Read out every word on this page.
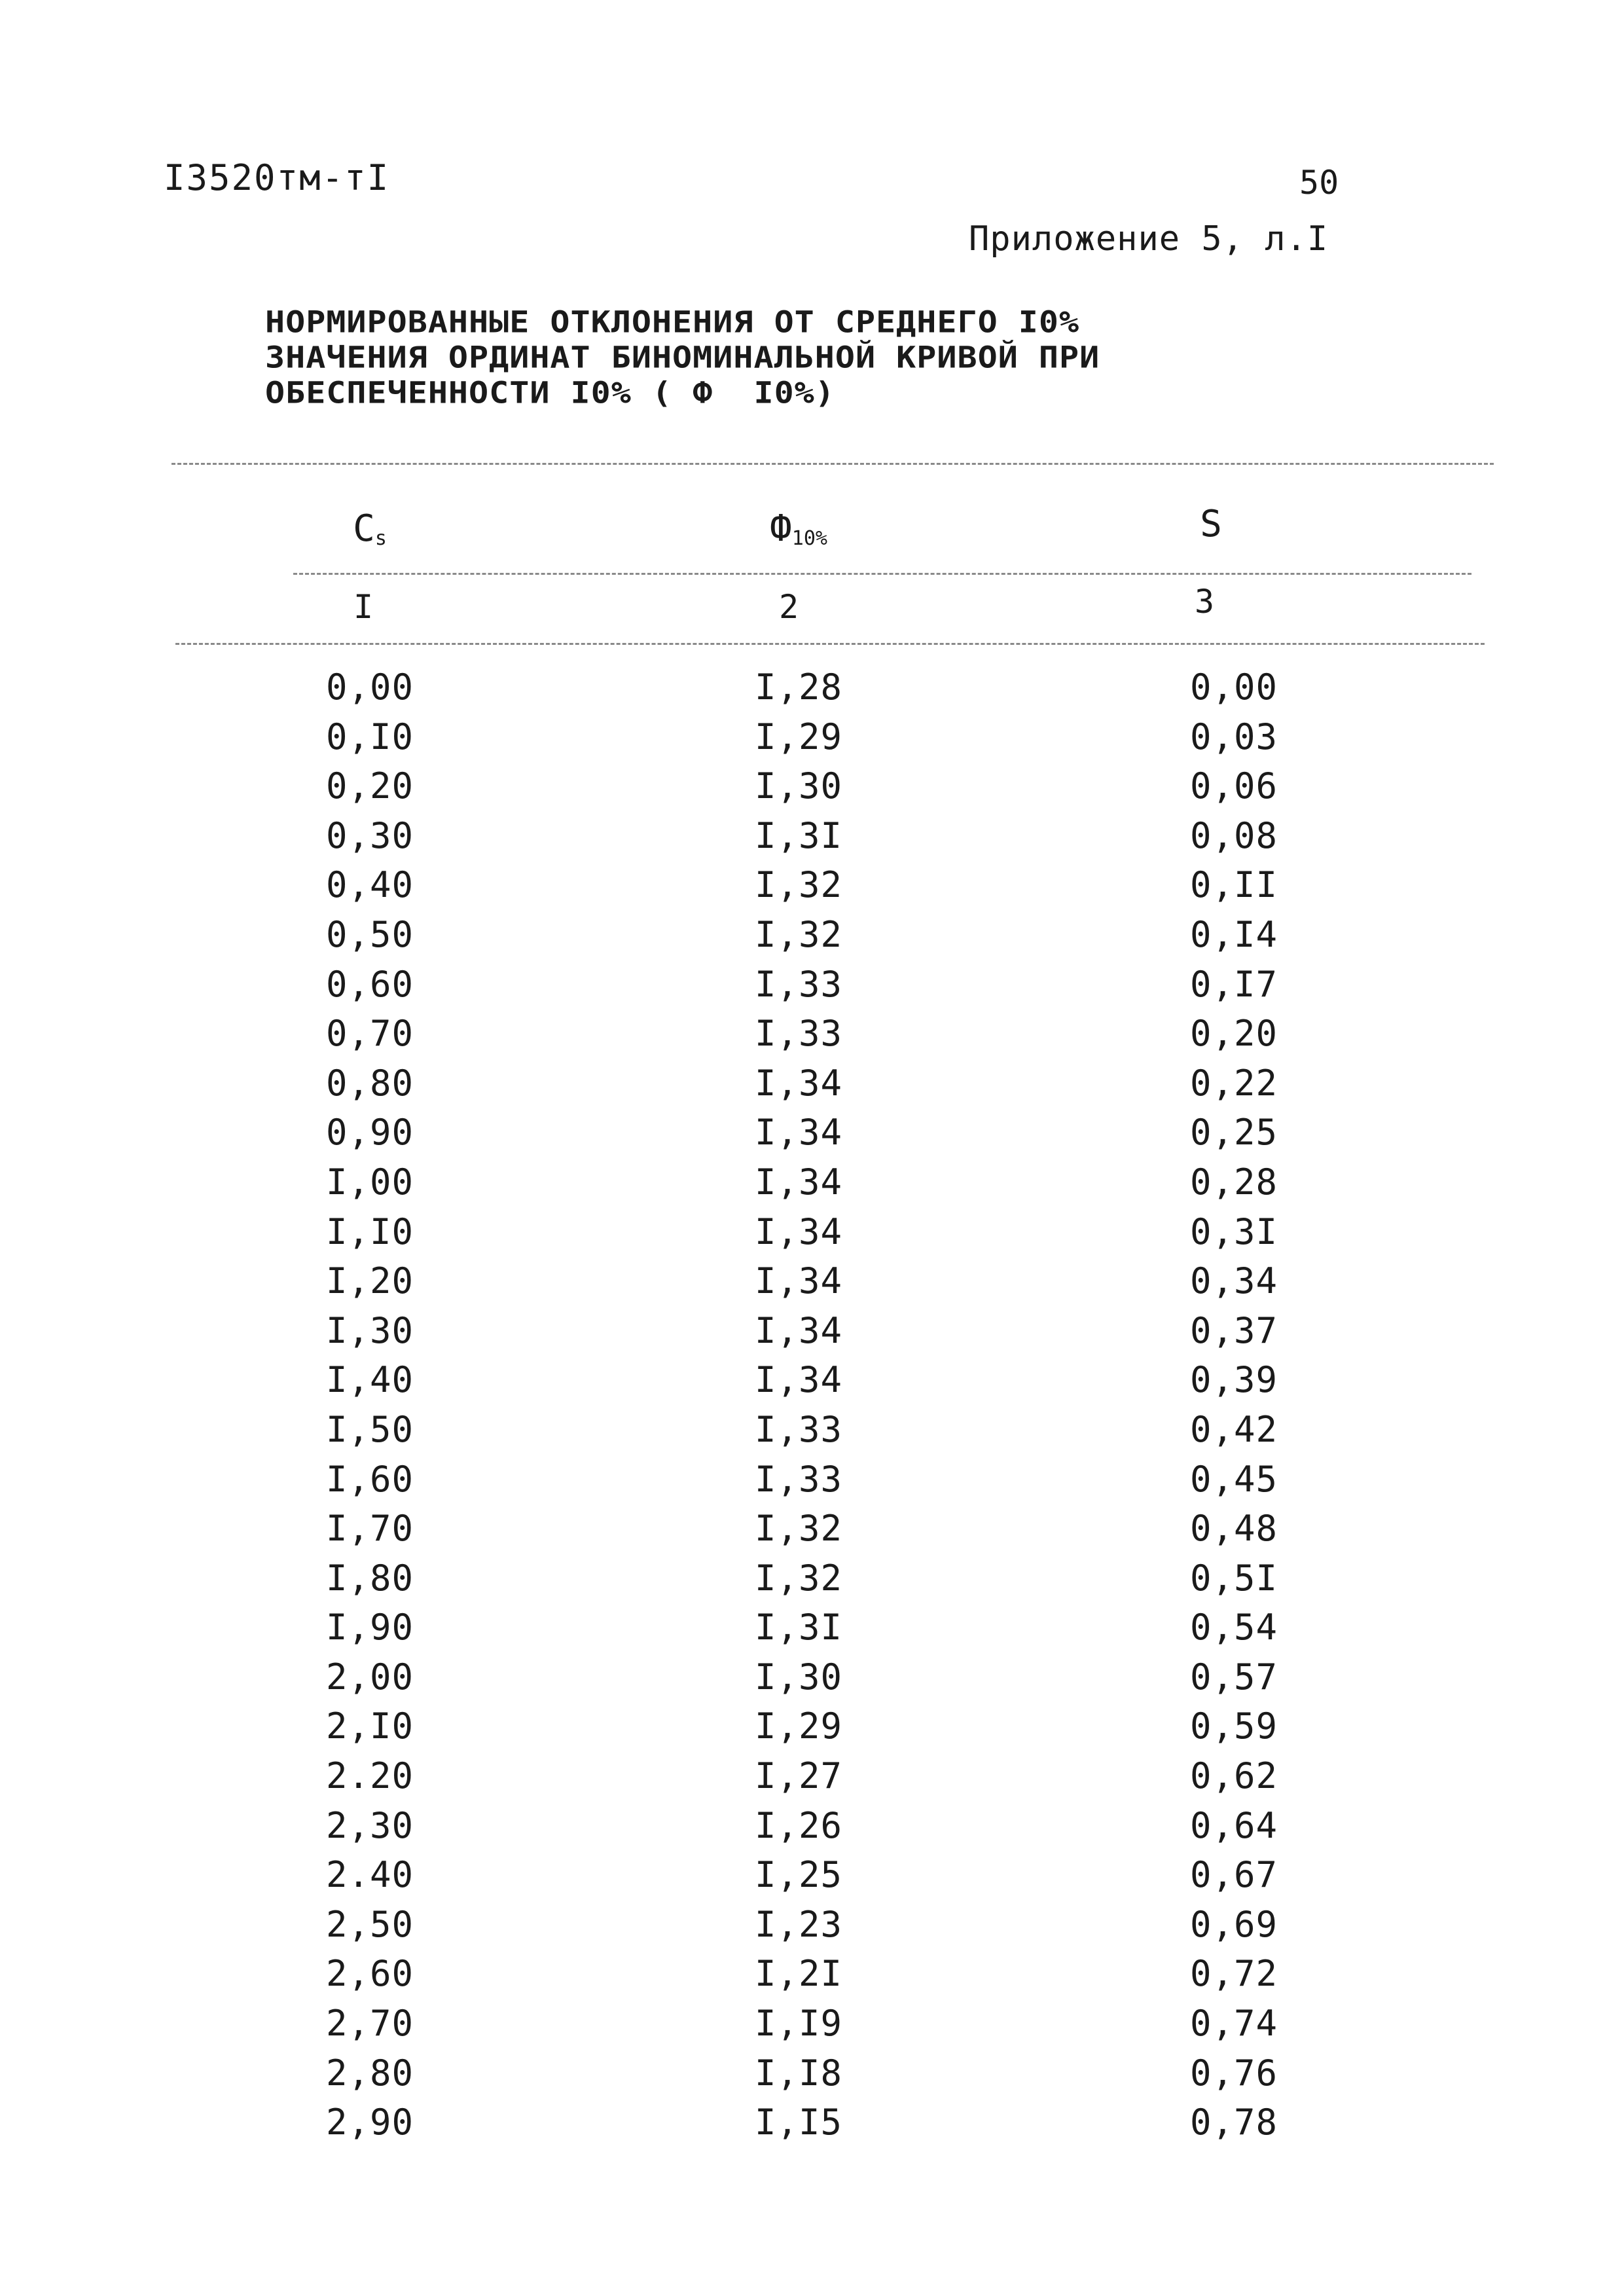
I3520тм-тI	50
Приложение 5, л.I
НОРМИРОВАННЫЕ ОТКЛОНЕНИЯ ОТ СРЕДНЕГО I0%
ЗНАЧЕНИЯ ОРДИНАТ БИНОМИНАЛЬНОЙ КРИВОЙ ПРИ
ОБЕСПЕЧЕННОСТИ I0% ( Ф  I0%)
$C_s$	$Ф_{10\%}$	S
I	2	3
0,00	I,28	0,00
0,I0	I,29	0,03
0,20	I,30	0,06
0,30	I,3I	0,08
0,40	I,32	0,II
0,50	I,32	0,I4
0,60	I,33	0,I7
0,70	I,33	0,20
0,80	I,34	0,22
0,90	I,34	0,25
I,00	I,34	0,28
I,I0	I,34	0,3I
I,20	I,34	0,34
I,30	I,34	0,37
I,40	I,34	0,39
I,50	I,33	0,42
I,60	I,33	0,45
I,70	I,32	0,48
I,80	I,32	0,5I
I,90	I,3I	0,54
2,00	I,30	0,57
2,I0	I,29	0,59
2.20	I,27	0,62
2,30	I,26	0,64
2.40	I,25	0,67
2,50	I,23	0,69
2,60	I,2I	0,72
2,70	I,I9	0,74
2,80	I,I8	0,76
2,90	I,I5	0,78
